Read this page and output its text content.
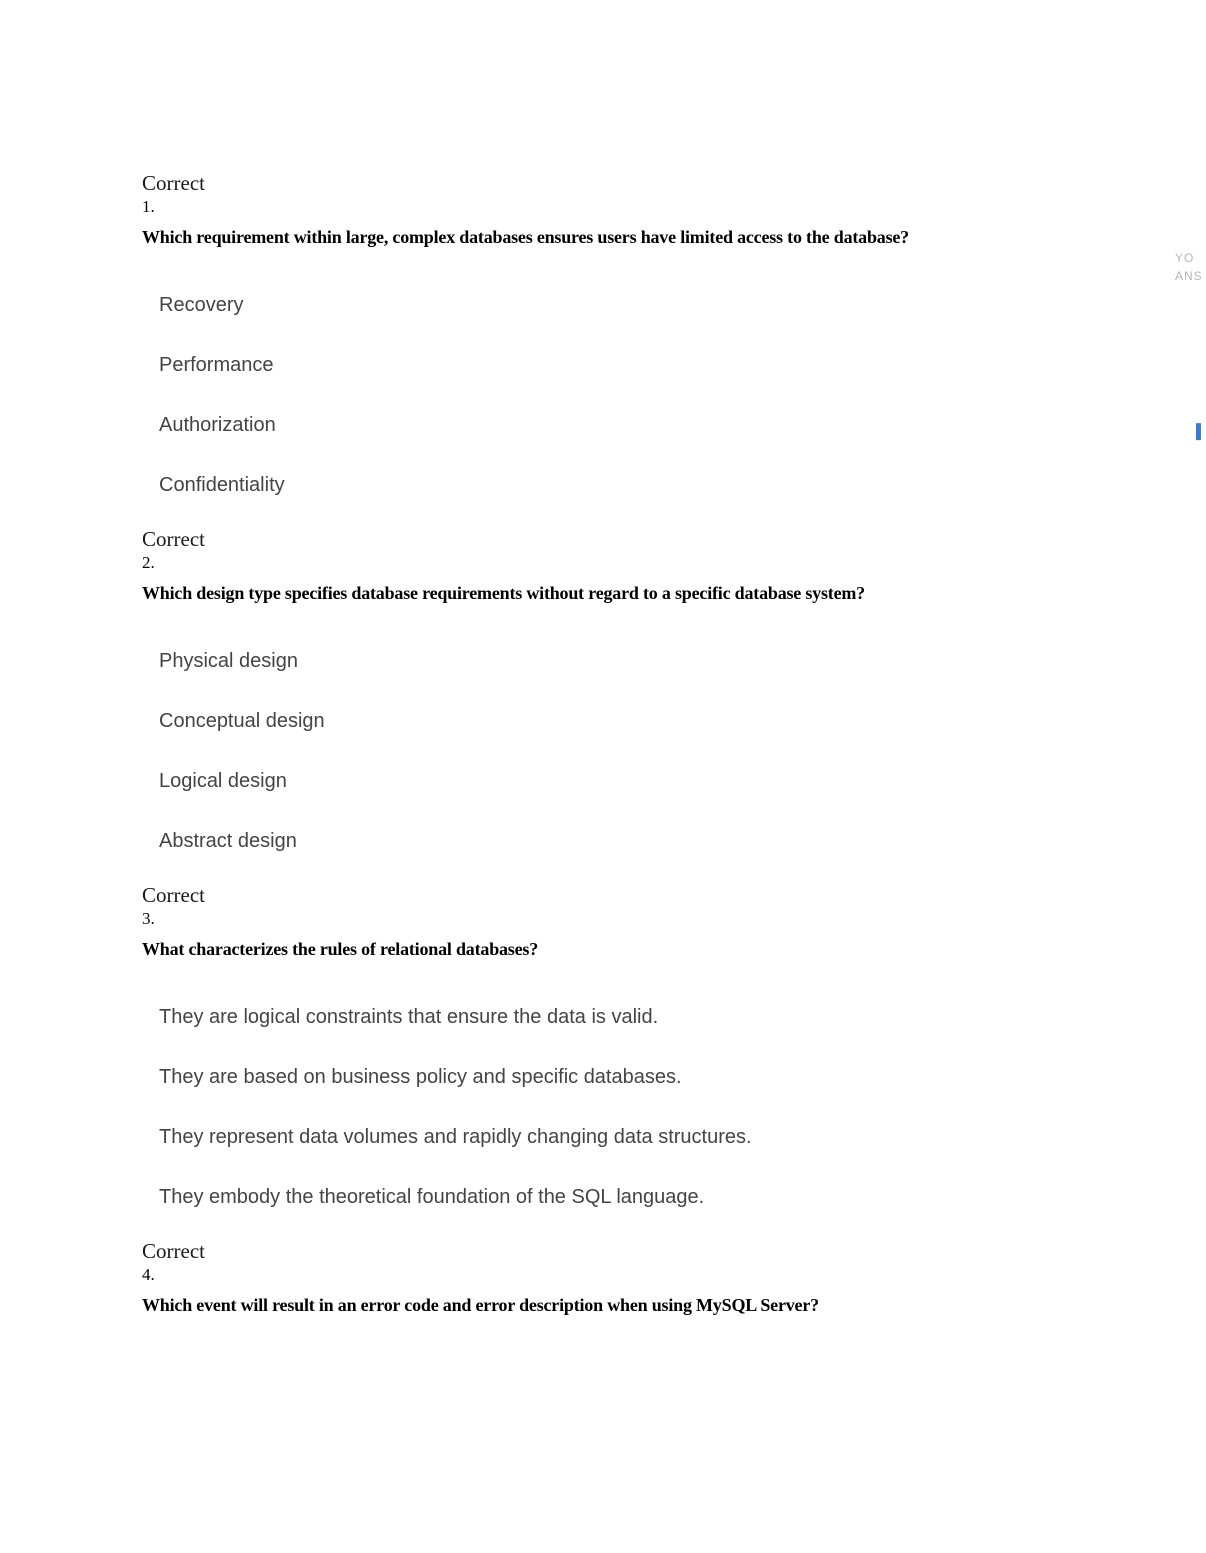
YO
ANS
▌
Correct
1.
Which requirement within large, complex databases ensures users have limited access to the database?
Recovery
Performance
Authorization
Confidentiality
Correct
2.
Which design type specifies database requirements without regard to a specific database system?
Physical design
Conceptual design
Logical design
Abstract design
Correct
3.
What characterizes the rules of relational databases?
They are logical constraints that ensure the data is valid.
They are based on business policy and specific databases.
They represent data volumes and rapidly changing data structures.
They embody the theoretical foundation of the SQL language.
Correct
4.
Which event will result in an error code and error description when using MySQL Server?
